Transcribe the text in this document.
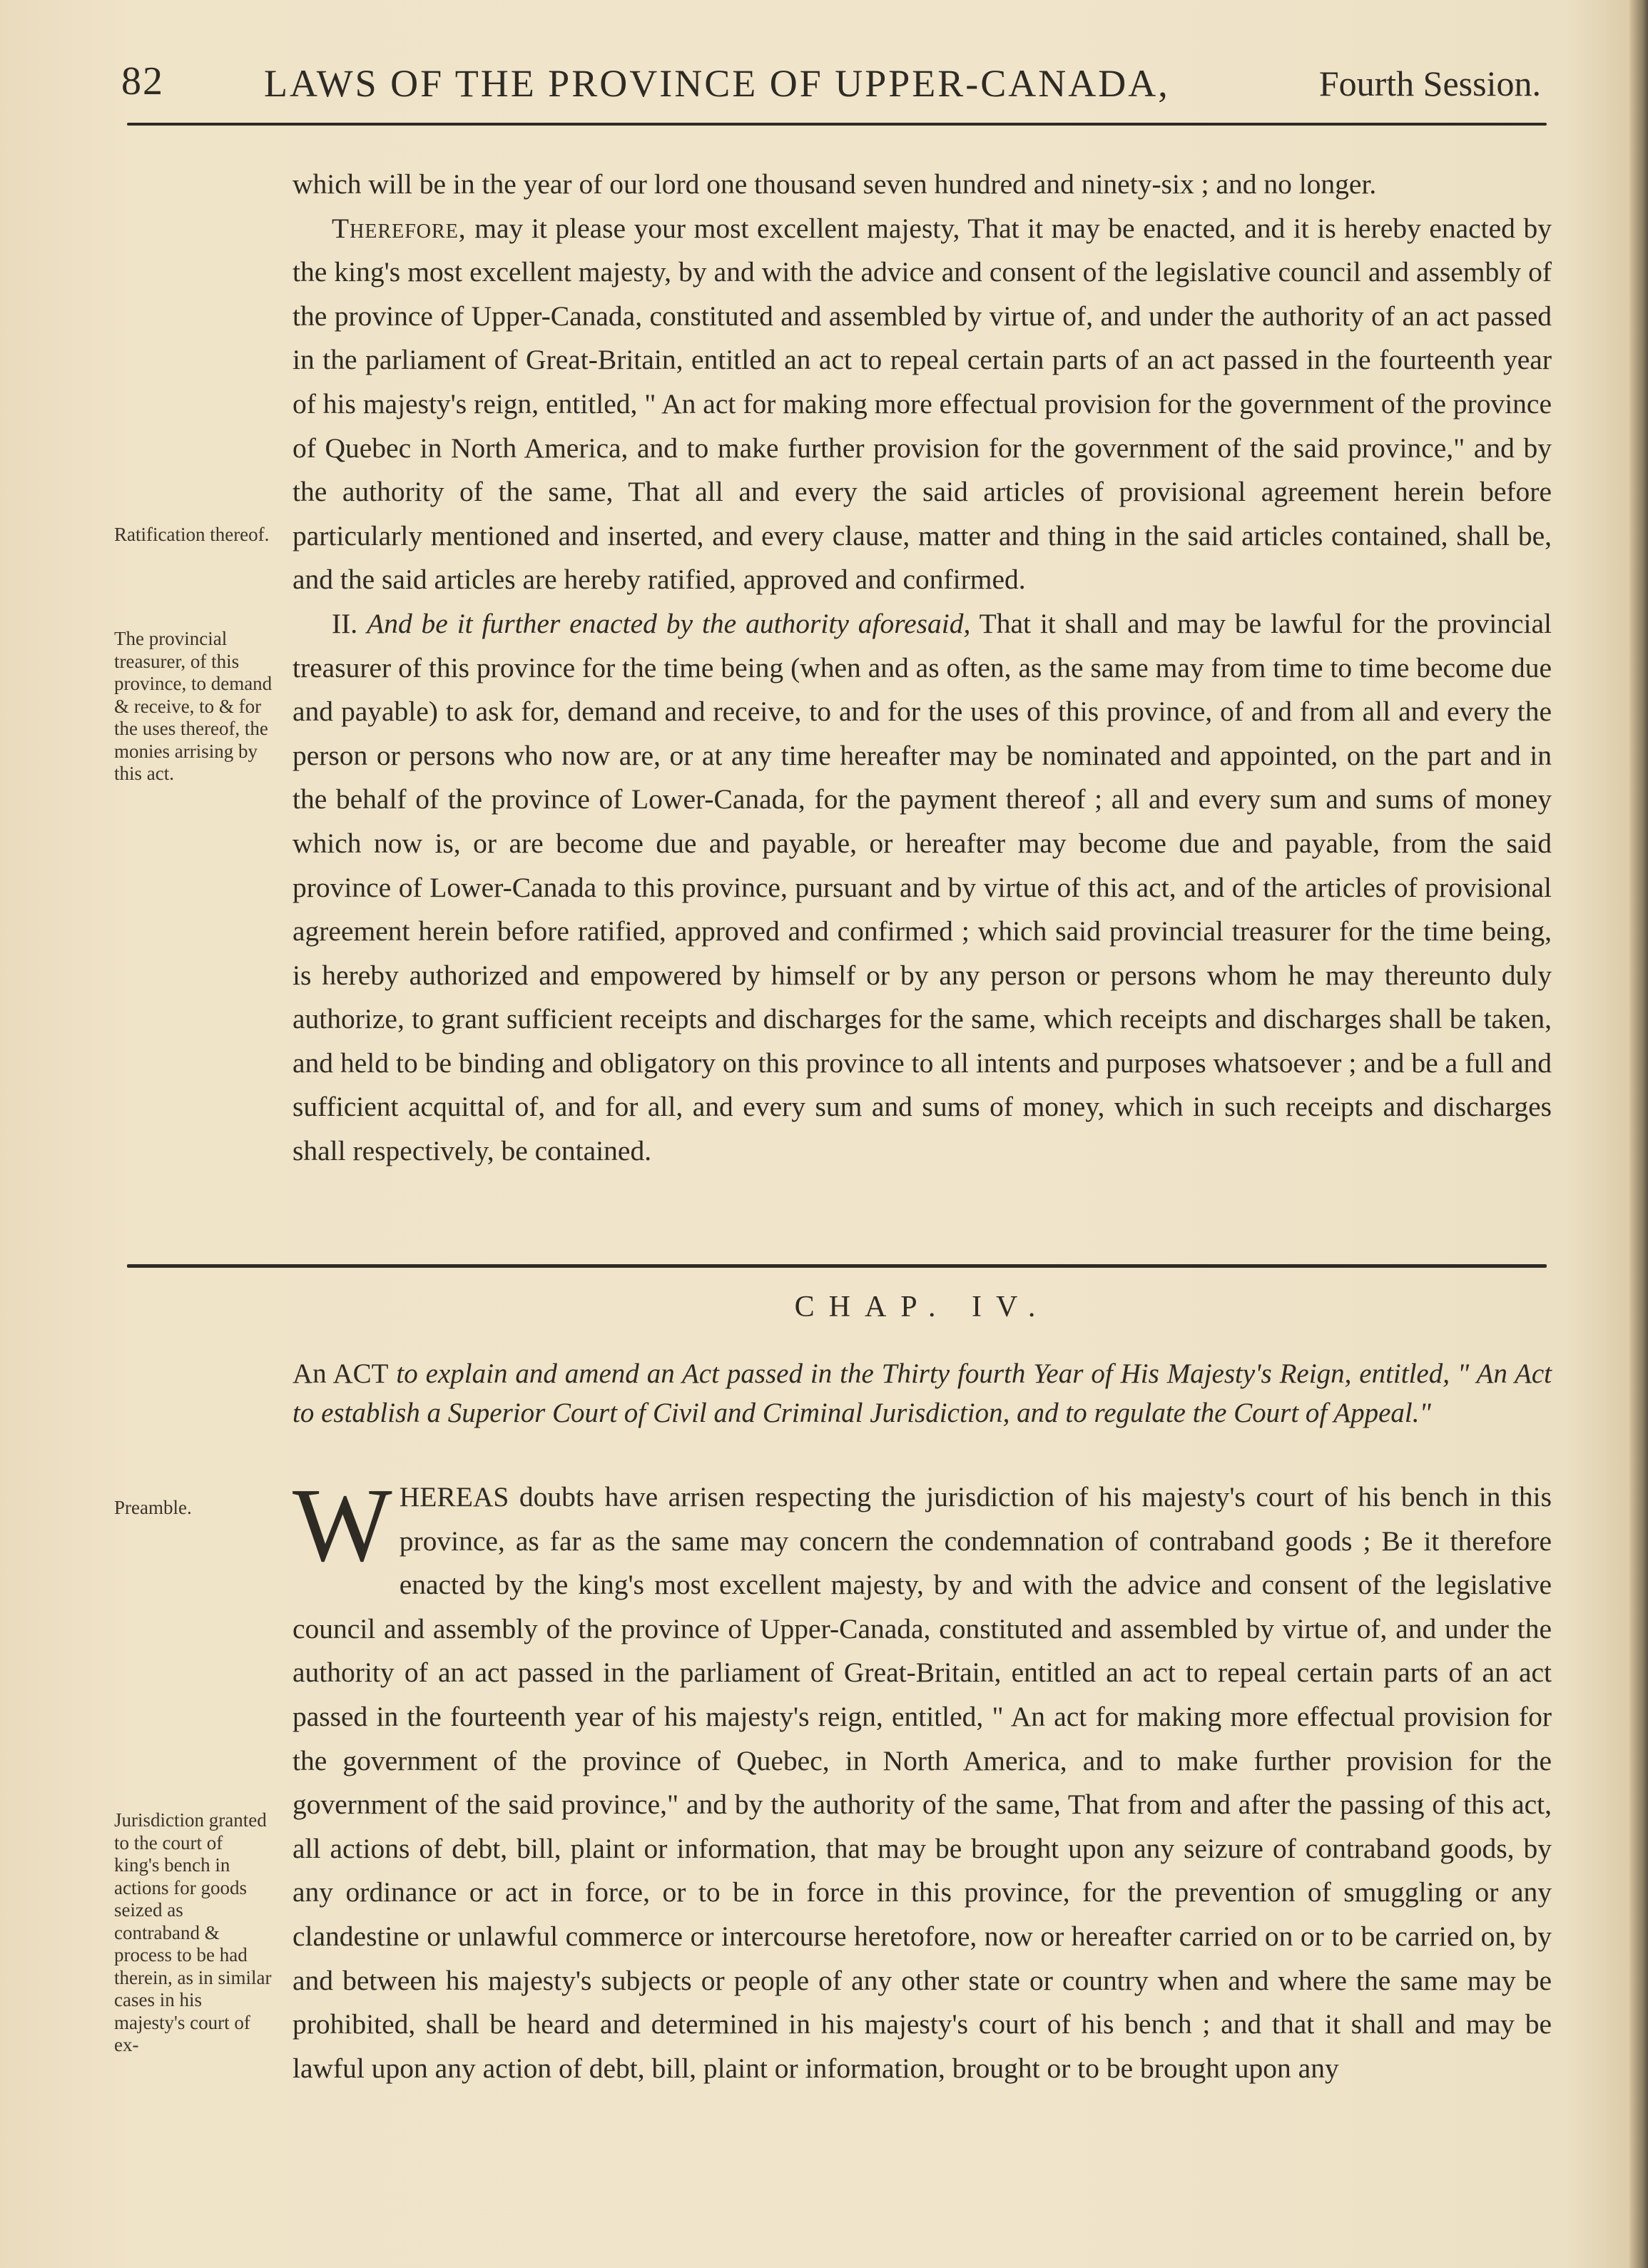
82	LAWS OF THE PROVINCE OF UPPER-CANADA,	Fourth Session.

which will be in the year of our lord one thousand seven hundred and ninety-six ; and no longer.

Therefore, may it please your most excellent majesty, That it may be enacted, and it is hereby enacted by the king's most excellent majesty, by and with the advice and consent of the legislative council and assembly of the province of Upper-Canada, constituted and assembled by virtue of, and under the authority of an act passed in the parliament of Great-Britain, entitled an act to repeal certain parts of an act passed in the fourteenth year of his majesty's reign, entitled, " An act for making more effectual provision for the government of the province of Quebec in North America, and to make further provision for the government of the said province," and by the authority of the same, That all and every the said articles of provisional agreement herein before particularly mentioned and inserted, and every clause, matter and thing in the said articles contained, shall be, and the said articles are hereby ratified, approved and confirmed.

II. And be it further enacted by the authority aforesaid, That it shall and may be lawful for the provincial treasurer of this province for the time being (when and as often, as the same may from time to time become due and payable) to ask for, demand and receive, to and for the uses of this province, of and from all and every the person or persons who now are, or at any time hereafter may be nominated and appointed, on the part and in the behalf of the province of Lower-Canada, for the payment thereof ; all and every sum and sums of money which now is, or are become due and payable, or hereafter may become due and payable, from the said province of Lower-Canada to this province, pursuant and by virtue of this act, and of the articles of provisional agreement herein before ratified, approved and confirmed ; which said provincial treasurer for the time being, is hereby authorized and empowered by himself or by any person or persons whom he may thereunto duly authorize, to grant sufficient receipts and discharges for the same, which receipts and discharges shall be taken, and held to be binding and obligatory on this province to all intents and purposes whatsoever ; and be a full and sufficient acquittal of, and for all, and every sum and sums of money, which in such receipts and discharges shall respectively, be contained.

Ratification thereof.
The provincial treasurer, of this province, to demand & receive, to & for the uses thereof, the monies arrising by this act.
CHAP. IV.

An ACT to explain and amend an Act passed in the Thirty fourth Year of His Majesty's Reign, entitled, " An Act to establish a Superior Court of Civil and Criminal Jurisdiction, and to regulate the Court of Appeal."

Preamble.
Jurisdiction granted to the court of king's bench in actions for goods seized as contraband & process to be had therein, as in similar cases in his majesty's court of ex-

WHEREAS doubts have arrisen respecting the jurisdiction of his majesty's court of his bench in this province, as far as the same may concern the condemnation of contraband goods ; Be it therefore enacted by the king's most excellent majesty, by and with the advice and consent of the legislative council and assembly of the province of Upper-Canada, constituted and assembled by virtue of, and under the authority of an act passed in the parliament of Great-Britain, entitled an act to repeal certain parts of an act passed in the fourteenth year of his majesty's reign, entitled, " An act for making more effectual provision for the government of the province of Quebec, in North America, and to make further provision for the government of the said province," and by the authority of the same, That from and after the passing of this act, all actions of debt, bill, plaint or information, that may be brought upon any seizure of contraband goods, by any ordinance or act in force, or to be in force in this province, for the prevention of smuggling or any clandestine or unlawful commerce or intercourse heretofore, now or hereafter carried on or to be carried on, by and between his majesty's subjects or people of any other state or country when and where the same may be prohibited, shall be heard and determined in his majesty's court of his bench ; and that it shall and may be lawful upon any action of debt, bill, plaint or information, brought or to be brought upon any
